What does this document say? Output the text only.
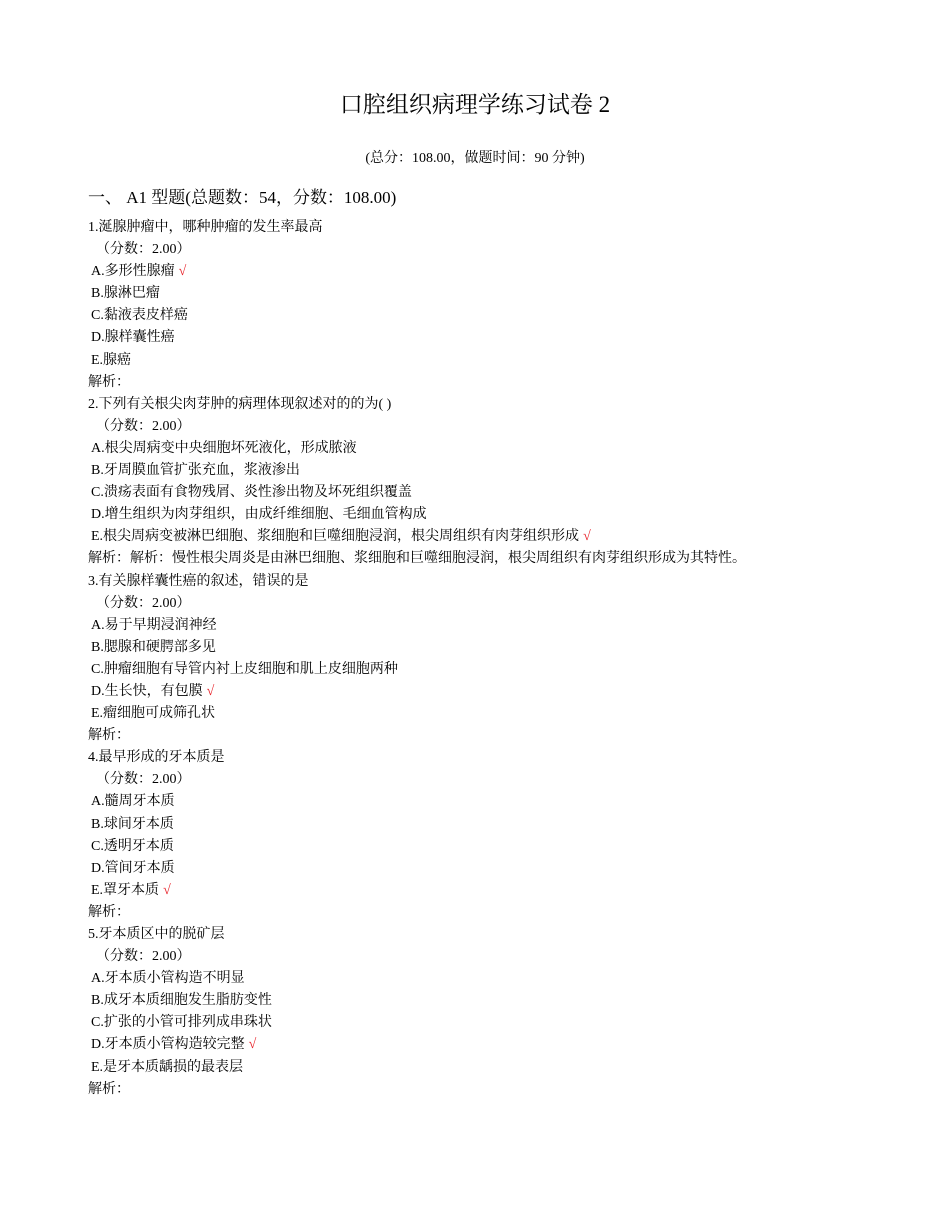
口腔组织病理学练习试卷 2
(总分：108.00，做题时间：90 分钟)
一、 A1 型题(总题数：54，分数：108.00)
1.涎腺肿瘤中，哪种肿瘤的发生率最高
（分数：2.00）
A.多形性腺瘤 √
B.腺淋巴瘤
C.黏液表皮样癌
D.腺样囊性癌
E.腺癌
解析：
2.下列有关根尖肉芽肿的病理体现叙述对的的为( )
（分数：2.00）
A.根尖周病变中央细胞坏死液化，形成脓液
B.牙周膜血管扩张充血，浆液渗出
C.溃疡表面有食物残屑、炎性渗出物及坏死组织覆盖
D.增生组织为肉芽组织，由成纤维细胞、毛细血管构成
E.根尖周病变被淋巴细胞、浆细胞和巨噬细胞浸润，根尖周组织有肉芽组织形成 √
解析：解析：慢性根尖周炎是由淋巴细胞、浆细胞和巨噬细胞浸润，根尖周组织有肉芽组织形成为其特性。
3.有关腺样囊性癌的叙述，错误的是
（分数：2.00）
A.易于早期浸润神经
B.腮腺和硬腭部多见
C.肿瘤细胞有导管内衬上皮细胞和肌上皮细胞两种
D.生长快，有包膜 √
E.瘤细胞可成筛孔状
解析：
4.最早形成的牙本质是
（分数：2.00）
A.髓周牙本质
B.球间牙本质
C.透明牙本质
D.管间牙本质
E.罩牙本质 √
解析：
5.牙本质区中的脱矿层
（分数：2.00）
A.牙本质小管构造不明显
B.成牙本质细胞发生脂肪变性
C.扩张的小管可排列成串珠状
D.牙本质小管构造较完整 √
E.是牙本质龋损的最表层
解析：
